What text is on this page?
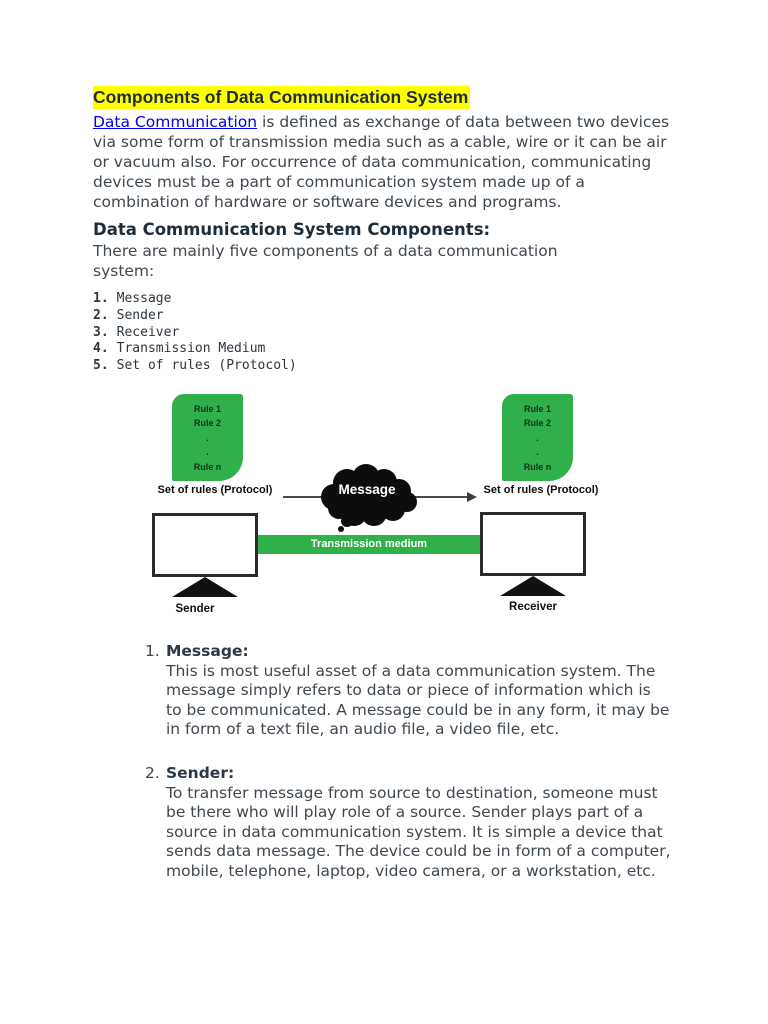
Components of Data Communication System

Data Communication is defined as exchange of data between two devices via some form of transmission media such as a cable, wire or it can be air or vacuum also. For occurrence of data communication, communicating devices must be a part of communication system made up of a combination of hardware or software devices and programs.

Data Communication System Components:

There are mainly five components of a data communication system:

1. Message
2. Sender
3. Receiver
4. Transmission Medium
5. Set of rules (Protocol)
Rule 1
Rule 2
.
.
Rule n
Rule 1
Rule 2
.
.
Rule n
Set of rules (Protocol)	Set of rules (Protocol)
Message
Transmission medium
Sender	Receiver
1. Message:
This is most useful asset of a data communication system. The message simply refers to data or piece of information which is to be communicated. A message could be in any form, it may be in form of a text file, an audio file, a video file, etc.
2. Sender:
To transfer message from source to destination, someone must be there who will play role of a source. Sender plays part of a source in data communication system. It is simple a device that sends data message. The device could be in form of a computer, mobile, telephone, laptop, video camera, or a workstation, etc.
